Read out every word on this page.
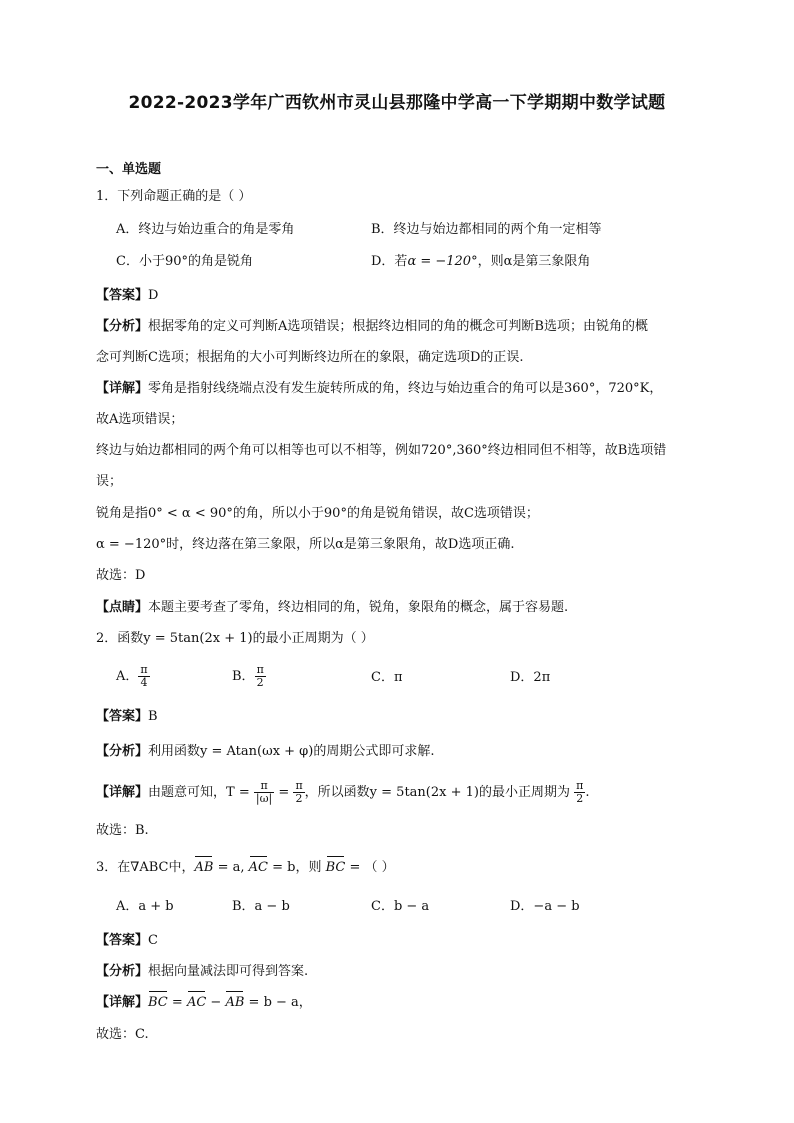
2022-2023学年广西钦州市灵山县那隆中学高一下学期期中数学试题
一、单选题
1．下列命题正确的是（ ）
A．终边与始边重合的角是零角	B．终边与始边都相同的两个角一定相等
C．小于90°的角是锐角	D．若α = −120°，则α是第三象限角
【答案】D
【分析】根据零角的定义可判断A选项错误；根据终边相同的角的概念可判断B选项；由锐角的概
念可判断C选项；根据角的大小可判断终边所在的象限，确定选项D的正误.
【详解】零角是指射线绕端点没有发生旋转所成的角，终边与始边重合的角可以是360°，720°K，
故A选项错误；
终边与始边都相同的两个角可以相等也可以不相等，例如720°,360°终边相同但不相等，故B选项错
误；
锐角是指0° < α < 90°的角，所以小于90°的角是锐角错误，故C选项错误；
α = −120°时，终边落在第三象限，所以α是第三象限角，故D选项正确.
故选：D
【点睛】本题主要考查了零角，终边相同的角，锐角，象限角的概念，属于容易题.
2．函数y = 5tan(2x + 1)的最小正周期为（ ）
A． $\frac{\pi}{4}$	B． $\frac{\pi}{2}$	C．π	D．2π
【答案】B
【分析】利用函数y = Atan(ωx + φ)的周期公式即可求解.
【详解】由题意可知，$T = \frac{\pi}{|\omega|} = \frac{\pi}{2}$ ，所以函数y = 5tan(2x + 1)的最小正周期为 $\frac{\pi}{2}$ .
故选：B.
3．在∇ABC中，AB = a, AC = b，则 BC = （ ）
A．a + b	B．a − b	C．b − a	D．−a − b
【答案】C
【分析】根据向量减法即可得到答案.
【详解】BC = AC − AB = b − a，
故选：C.
